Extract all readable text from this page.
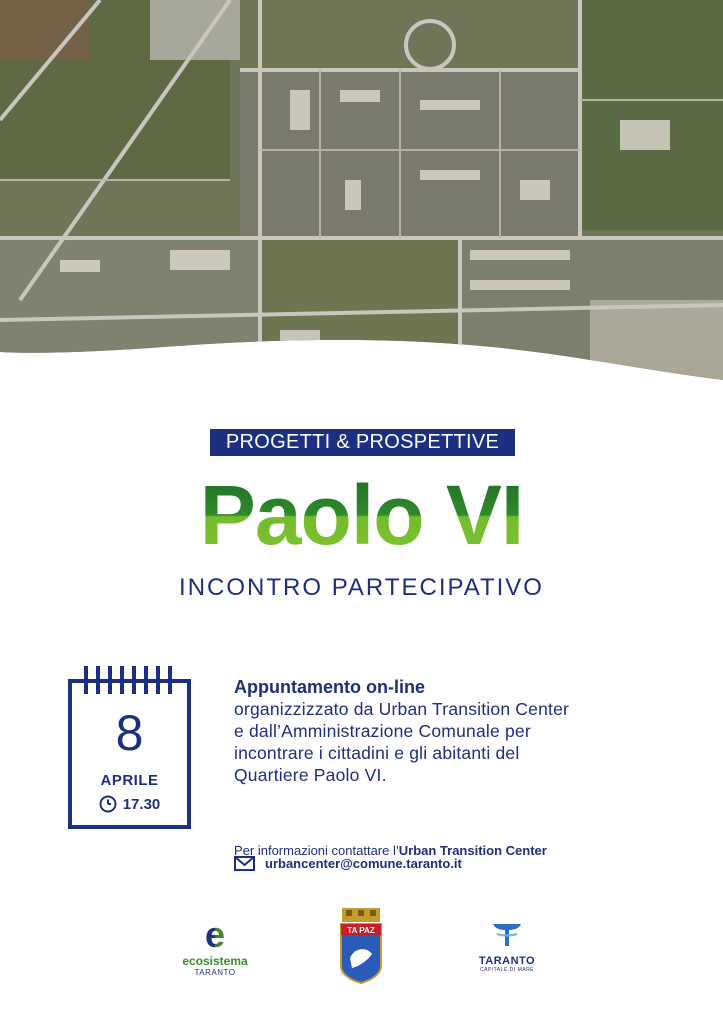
PROGETTI & PROSPETTIVE
Paolo VI
INCONTRO PARTECIPATIVO
8
APRILE
17.30
Appuntamento on-line
organizzizzato da Urban Transition Center
e dall’Amministrazione Comunale per
incontrare i cittadini e gli abitanti del
Quartiere Paolo VI.
Per informazioni contattare l’Urban Transition Center
urbancenter@comune.taranto.it
e
ecosistema
TARANTO
TA PAZ
TARANTO
CAPITALE DI MARE
